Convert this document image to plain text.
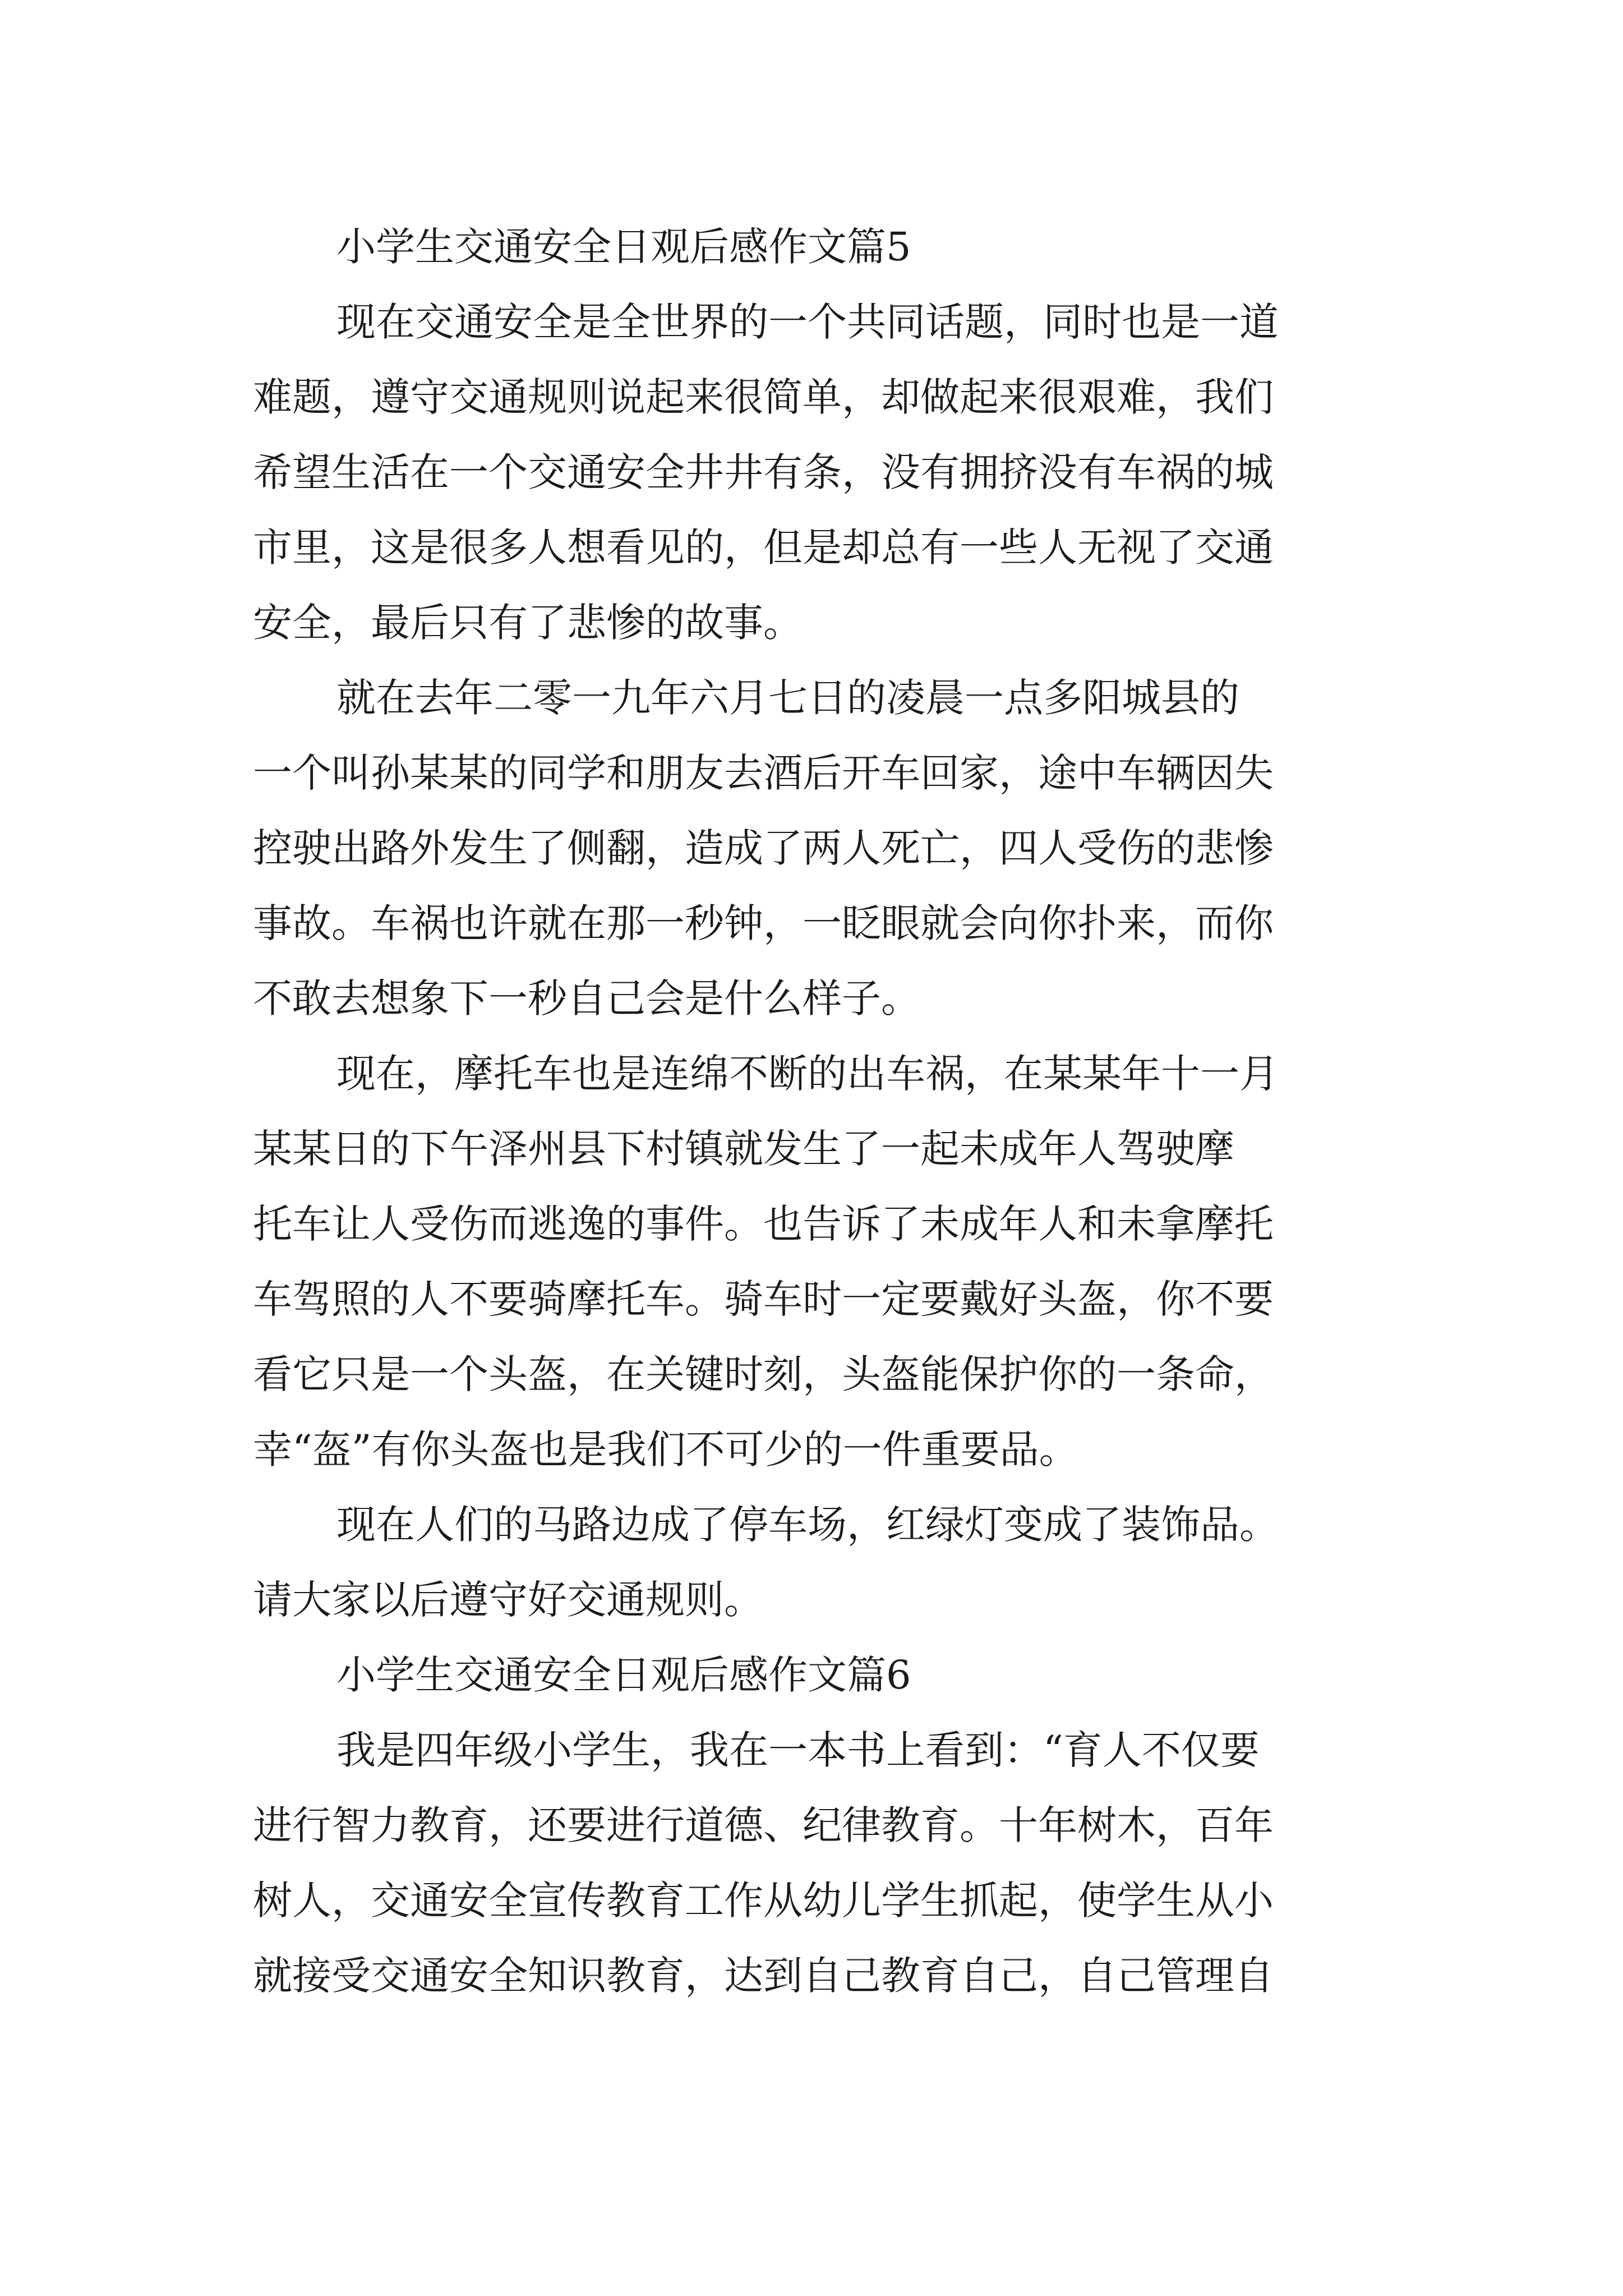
小学生交通安全日观后感作文篇5
现在交通安全是全世界的一个共同话题，同时也是一道
难题，遵守交通规则说起来很简单，却做起来很艰难，我们
希望生活在一个交通安全井井有条，没有拥挤没有车祸的城
市里，这是很多人想看见的，但是却总有一些人无视了交通
安全，最后只有了悲惨的故事。
就在去年二零一九年六月七日的凌晨一点多阳城县的
一个叫孙某某的同学和朋友去酒后开车回家，途中车辆因失
控驶出路外发生了侧翻，造成了两人死亡，四人受伤的悲惨
事故。车祸也许就在那一秒钟，一眨眼就会向你扑来，而你
不敢去想象下一秒自己会是什么样子。
现在，摩托车也是连绵不断的出车祸，在某某年十一月
某某日的下午泽州县下村镇就发生了一起未成年人驾驶摩
托车让人受伤而逃逸的事件。也告诉了未成年人和未拿摩托
车驾照的人不要骑摩托车。骑车时一定要戴好头盔，你不要
看它只是一个头盔，在关键时刻，头盔能保护你的一条命，
幸“盔”有你头盔也是我们不可少的一件重要品。
现在人们的马路边成了停车场，红绿灯变成了装饰品。
请大家以后遵守好交通规则。
小学生交通安全日观后感作文篇6
我是四年级小学生，我在一本书上看到：“育人不仅要
进行智力教育，还要进行道德、纪律教育。十年树木，百年
树人，交通安全宣传教育工作从幼儿学生抓起，使学生从小
就接受交通安全知识教育，达到自己教育自己，自己管理自
